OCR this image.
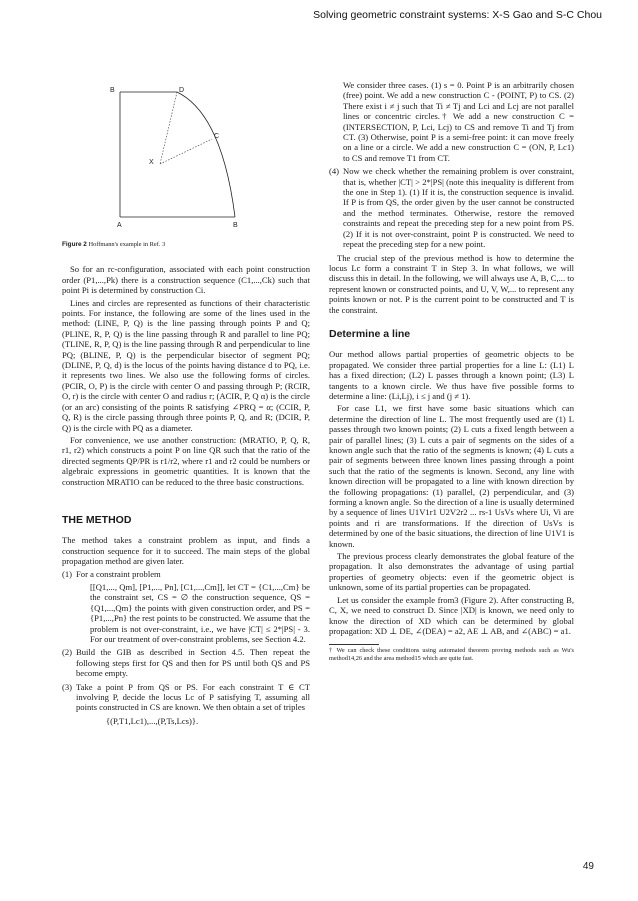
Solving geometric constraint systems: X-S Gao and S-C Chou
B	D
C
X
A	B
Figure 2 Hoffmann's example in Ref. 3

So for an rc-configuration, associated with each point construction order (P1,...,Pk) there is a construction sequence (C1,...,Ck) such that point Pi is determined by construction Ci.

Lines and circles are represented as functions of their characteristic points. For instance, the following are some of the lines used in the method: (LINE, P, Q) is the line passing through points P and Q; (PLINE, R, P, Q) is the line passing through R and parallel to line PQ; (TLINE, R, P, Q) is the line passing through R and perpendicular to line PQ; (BLINE, P, Q) is the perpendicular bisector of segment PQ; (DLINE, P, Q, d) is the locus of the points having distance d to PQ, i.e. it represents two lines. We also use the following forms of circles. (PCIR, O, P) is the circle with center O and passing through P; (RCIR, O, r) is the circle with center O and radius r; (ACIR, P, Q α) is the circle (or an arc) consisting of the points R satisfying ∠PRQ = α; (CCIR, P, Q, R) is the circle passing through three points P, Q, and R; (DCIR, P, Q) is the circle with PQ as a diameter.

For convenience, we use another construction: (MRATIO, P, Q, R, r1, r2) which constructs a point P on line QR such that the ratio of the directed segments QP/PR is r1/r2, where r1 and r2 could be numbers or algebraic expressions in geometric quantities. It is known that the construction MRATIO can be reduced to the three basic constructions.

THE METHOD

The method takes a constraint problem as input, and finds a construction sequence for it to succeed. The main steps of the global propagation method are given later.

(1) For a constraint problem
[[Q1,..., Qm], [P1,..., Pn], [C1,...,Cm]], let CT = {C1,...,Cm} be the constraint set, CS = ∅ the construction sequence, QS = {Q1,...,Qm} the points with given construction order, and PS = {P1,...,Pn} the rest points to be constructed. We assume that the problem is not over-constraint, i.e., we have |CT| ≤ 2*|PS| - 3. For our treatment of over-constraint problems, see Section 4.2.
(2) Build the GIB as described in Section 4.5. Then repeat the following steps first for QS and then for PS until both QS and PS become empty.
(3) Take a point P from QS or PS. For each constraint T ∈ CT involving P, decide the locus Lc of P satisfying T, assuming all points constructed in CS are known. We then obtain a set of triples
{(P,T1,Lc1),...,(P,Ts,Lcs)}.
We consider three cases. (1) s = 0. Point P is an arbitrarily chosen (free) point. We add a new construction C - (POINT, P) to CS. (2) There exist i ≠ j such that Ti ≠ Tj and Lci and Lcj are not parallel lines or concentric circles.† We add a new construction C = (INTERSECTION, P, Lci, Lcj) to CS and remove Ti and Tj from CT. (3) Otherwise, point P is a semi-free point: it can move freely on a line or a circle. We add a new construction C = (ON, P, Lc1) to CS and remove T1 from CT.
(4) Now we check whether the remaining problem is over constraint, that is, whether |CT| > 2*|PS| (note this inequality is different from the one in Step 1). (1) If it is, the construction sequence is invalid. If P is from QS, the order given by the user cannot be constructed and the method terminates. Otherwise, restore the removed constraints and repeat the preceding step for a new point from PS. (2) If it is not over-constraint, point P is constructed. We need to repeat the preceding step for a new point.

The crucial step of the previous method is how to determine the locus Lc form a constraint T in Step 3. In what follows, we will discuss this in detail. In the following, we will always use A, B, C,... to represent known or constructed points, and U, V, W,... to represent any points known or not. P is the current point to be constructed and T is the constraint.

Determine a line

Our method allows partial properties of geometric objects to be propagated. We consider three partial properties for a line L: (L1) L has a fixed direction; (L2) L passes through a known point; (L3) L tangents to a known circle. We thus have five possible forms to determine a line: (Li,Lj), i ≤ j and (j ≠ 1).

For case L1, we first have some basic situations which can determine the direction of line L. The most frequently used are (1) L passes through two known points; (2) L cuts a fixed length between a pair of parallel lines; (3) L cuts a pair of segments on the sides of a known angle such that the ratio of the segments is known; (4) L cuts a pair of segments between three known lines passing through a point such that the ratio of the segments is known. Second, any line with known direction will be propagated to a line with known direction by the following propagations: (1) parallel, (2) perpendicular, and (3) forming a known angle. So the direction of a line is usually determined by a sequence of lines U1V1r1 U2V2r2 ... rs-1 UsVs where Ui, Vi are points and ri are transformations. If the direction of UsVs is determined by one of the basic situations, the direction of line U1V1 is known.

The previous process clearly demonstrates the global feature of the propagation. It also demonstrates the advantage of using partial properties of geometry objects: even if the geometric object is unknown, some of its partial properties can be propagated.

Let us consider the example from3 (Figure 2). After constructing B, C, X, we need to construct D. Since |XD| is known, we need only to know the direction of XD which can be determined by global propagation: XD ⊥ DE, ∠(DEA) = a2, AE ⊥ AB, and ∠(ABC) = a1.

† We can check these conditions using automated theorem proving methods such as Wu's method14,26 and the area method15 which are quite fast.
49
